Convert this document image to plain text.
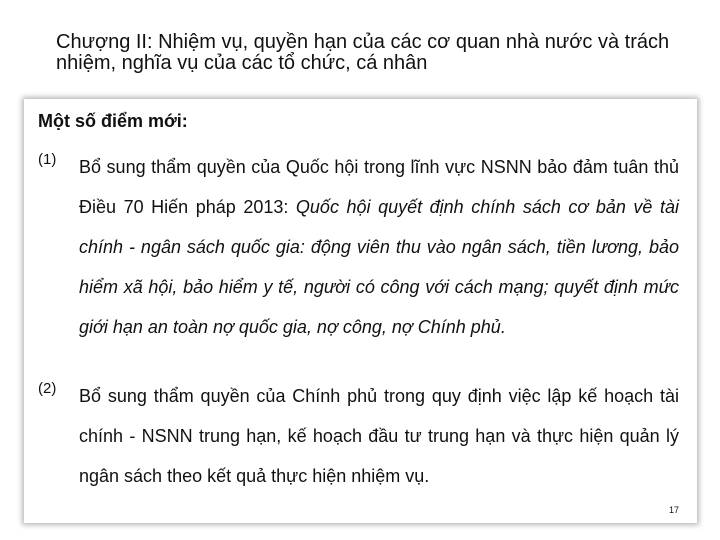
Chượng II: Nhiệm vụ, quyền hạn của các cơ quan nhà nước và trách nhiệm, nghĩa vụ của các tổ chức, cá nhân

Một số điểm mới:

(1) Bổ sung thẩm quyền của Quốc hội trong lĩnh vực NSNN bảo đảm tuân thủ Điều 70 Hiến pháp 2013: Quốc hội quyết định chính sách cơ bản về tài chính - ngân sách quốc gia: động viên thu vào ngân sách, tiền lương, bảo hiểm xã hội, bảo hiểm y tế, người có công với cách mạng; quyết định mức giới hạn an toàn nợ quốc gia, nợ công, nợ Chính phủ.

(2) Bổ sung thẩm quyền của Chính phủ trong quy định việc lập kế hoạch tài chính - NSNN trung hạn, kế hoạch đầu tư trung hạn và thực hiện quản lý ngân sách theo kết quả thực hiện nhiệm vụ.

17
